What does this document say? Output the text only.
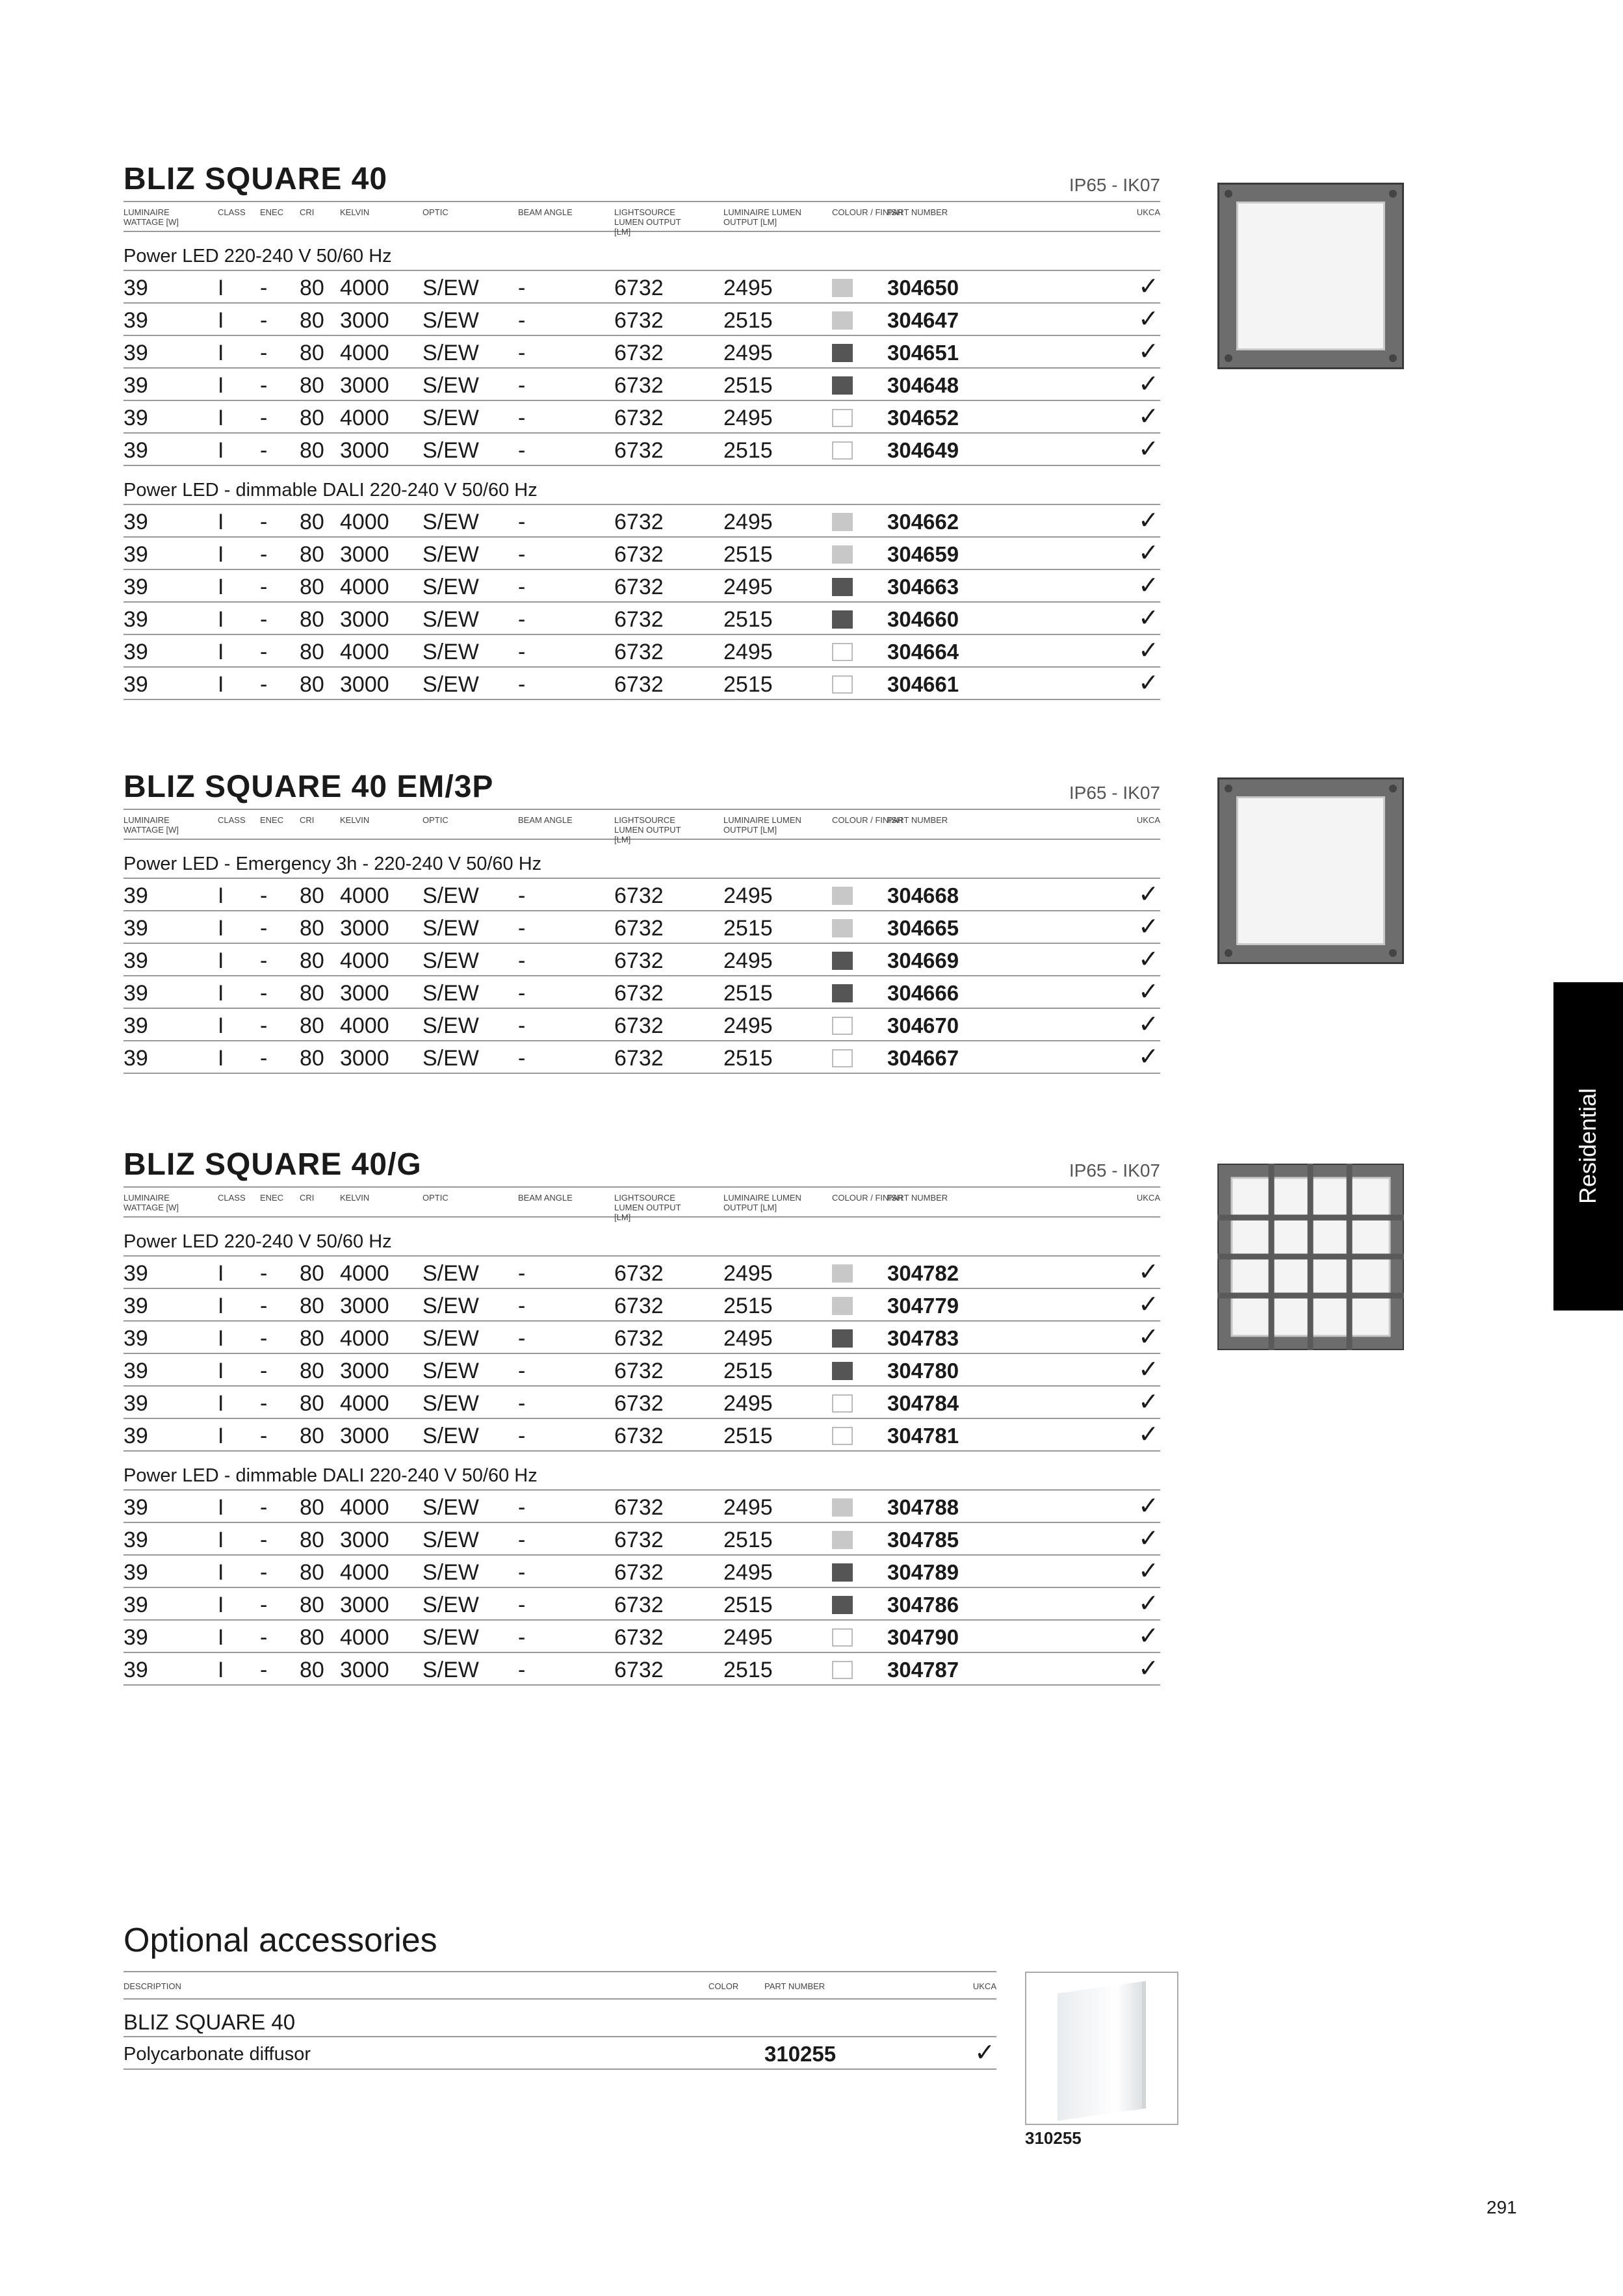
BLIZ SQUARE 40	IP65 - IK07
LUMINAIRE WATTAGE [W]
CLASS ENEC CRI	KELVIN	OPTIC	BEAM ANGLE	LIGHTSOURCE LUMEN OUTPUT [LM]
LUMINAIRE LUMEN OUTPUT [LM]
COLOUR / FINISH
PART NUMBER	UKCA
Power LED 220-240 V 50/60 Hz
39	I - 80 4000 S/EW -	6732	2495	304650	✓
39	I - 80 3000 S/EW -	6732	2515	304647	✓
39	I - 80 4000 S/EW -	6732	2495	304651	✓
39	I - 80 3000 S/EW -	6732	2515	304648	✓
39	I - 80 4000 S/EW -	6732	2495	304652	✓
39	I - 80 3000 S/EW -	6732	2515	304649	✓
Power LED - dimmable DALI 220-240 V 50/60 Hz
39	I - 80 4000 S/EW -	6732	2495	304662	✓
39	I - 80 3000 S/EW -	6732	2515	304659	✓
39	I - 80 4000 S/EW -	6732	2495	304663	✓
39	I - 80 3000 S/EW -	6732	2515	304660	✓
39	I - 80 4000 S/EW -	6732	2495	304664	✓
39	I - 80 3000 S/EW -	6732	2515	304661	✓
BLIZ SQUARE 40 EM/3P	IP65 - IK07
LUMINAIRE WATTAGE [W]
CLASS ENEC CRI	KELVIN	OPTIC	BEAM ANGLE	LIGHTSOURCE LUMEN OUTPUT [LM]
LUMINAIRE LUMEN OUTPUT [LM]
COLOUR / FINISH
PART NUMBER	UKCA
Power LED - Emergency 3h - 220-240 V 50/60 Hz
39	I - 80 4000 S/EW -	6732	2495	304668	✓
39	I - 80 3000 S/EW -	6732	2515	304665	✓
39	I - 80 4000 S/EW -	6732	2495	304669	✓
39	I - 80 3000 S/EW -	6732	2515	304666	✓
39	I - 80 4000 S/EW -	6732	2495	304670	✓
39	I - 80 3000 S/EW -	6732	2515	304667	✓
BLIZ SQUARE 40/G	IP65 - IK07
LUMINAIRE WATTAGE [W]
CLASS ENEC CRI	KELVIN	OPTIC	BEAM ANGLE	LIGHTSOURCE LUMEN OUTPUT [LM]
LUMINAIRE LUMEN OUTPUT [LM]
COLOUR / FINISH
PART NUMBER	UKCA
Power LED 220-240 V 50/60 Hz
39	I - 80 4000 S/EW -	6732	2495	304782	✓
39	I - 80 3000 S/EW -	6732	2515	304779	✓
39	I - 80 4000 S/EW -	6732	2495	304783	✓
39	I - 80 3000 S/EW -	6732	2515	304780	✓
39	I - 80 4000 S/EW -	6732	2495	304784	✓
39	I - 80 3000 S/EW -	6732	2515	304781	✓
Power LED - dimmable DALI 220-240 V 50/60 Hz
39	I - 80 4000 S/EW -	6732	2495	304788	✓
39	I - 80 3000 S/EW -	6732	2515	304785	✓
39	I - 80 4000 S/EW -	6732	2495	304789	✓
39	I - 80 3000 S/EW -	6732	2515	304786	✓
39	I - 80 4000 S/EW -	6732	2495	304790	✓
39	I - 80 3000 S/EW -	6732	2515	304787	✓
Residential
Optional accessories
DESCRIPTION	COLOR	PART NUMBER	UKCA
BLIZ SQUARE 40
Polycarbonate diffusor	310255	✓
310255
291
